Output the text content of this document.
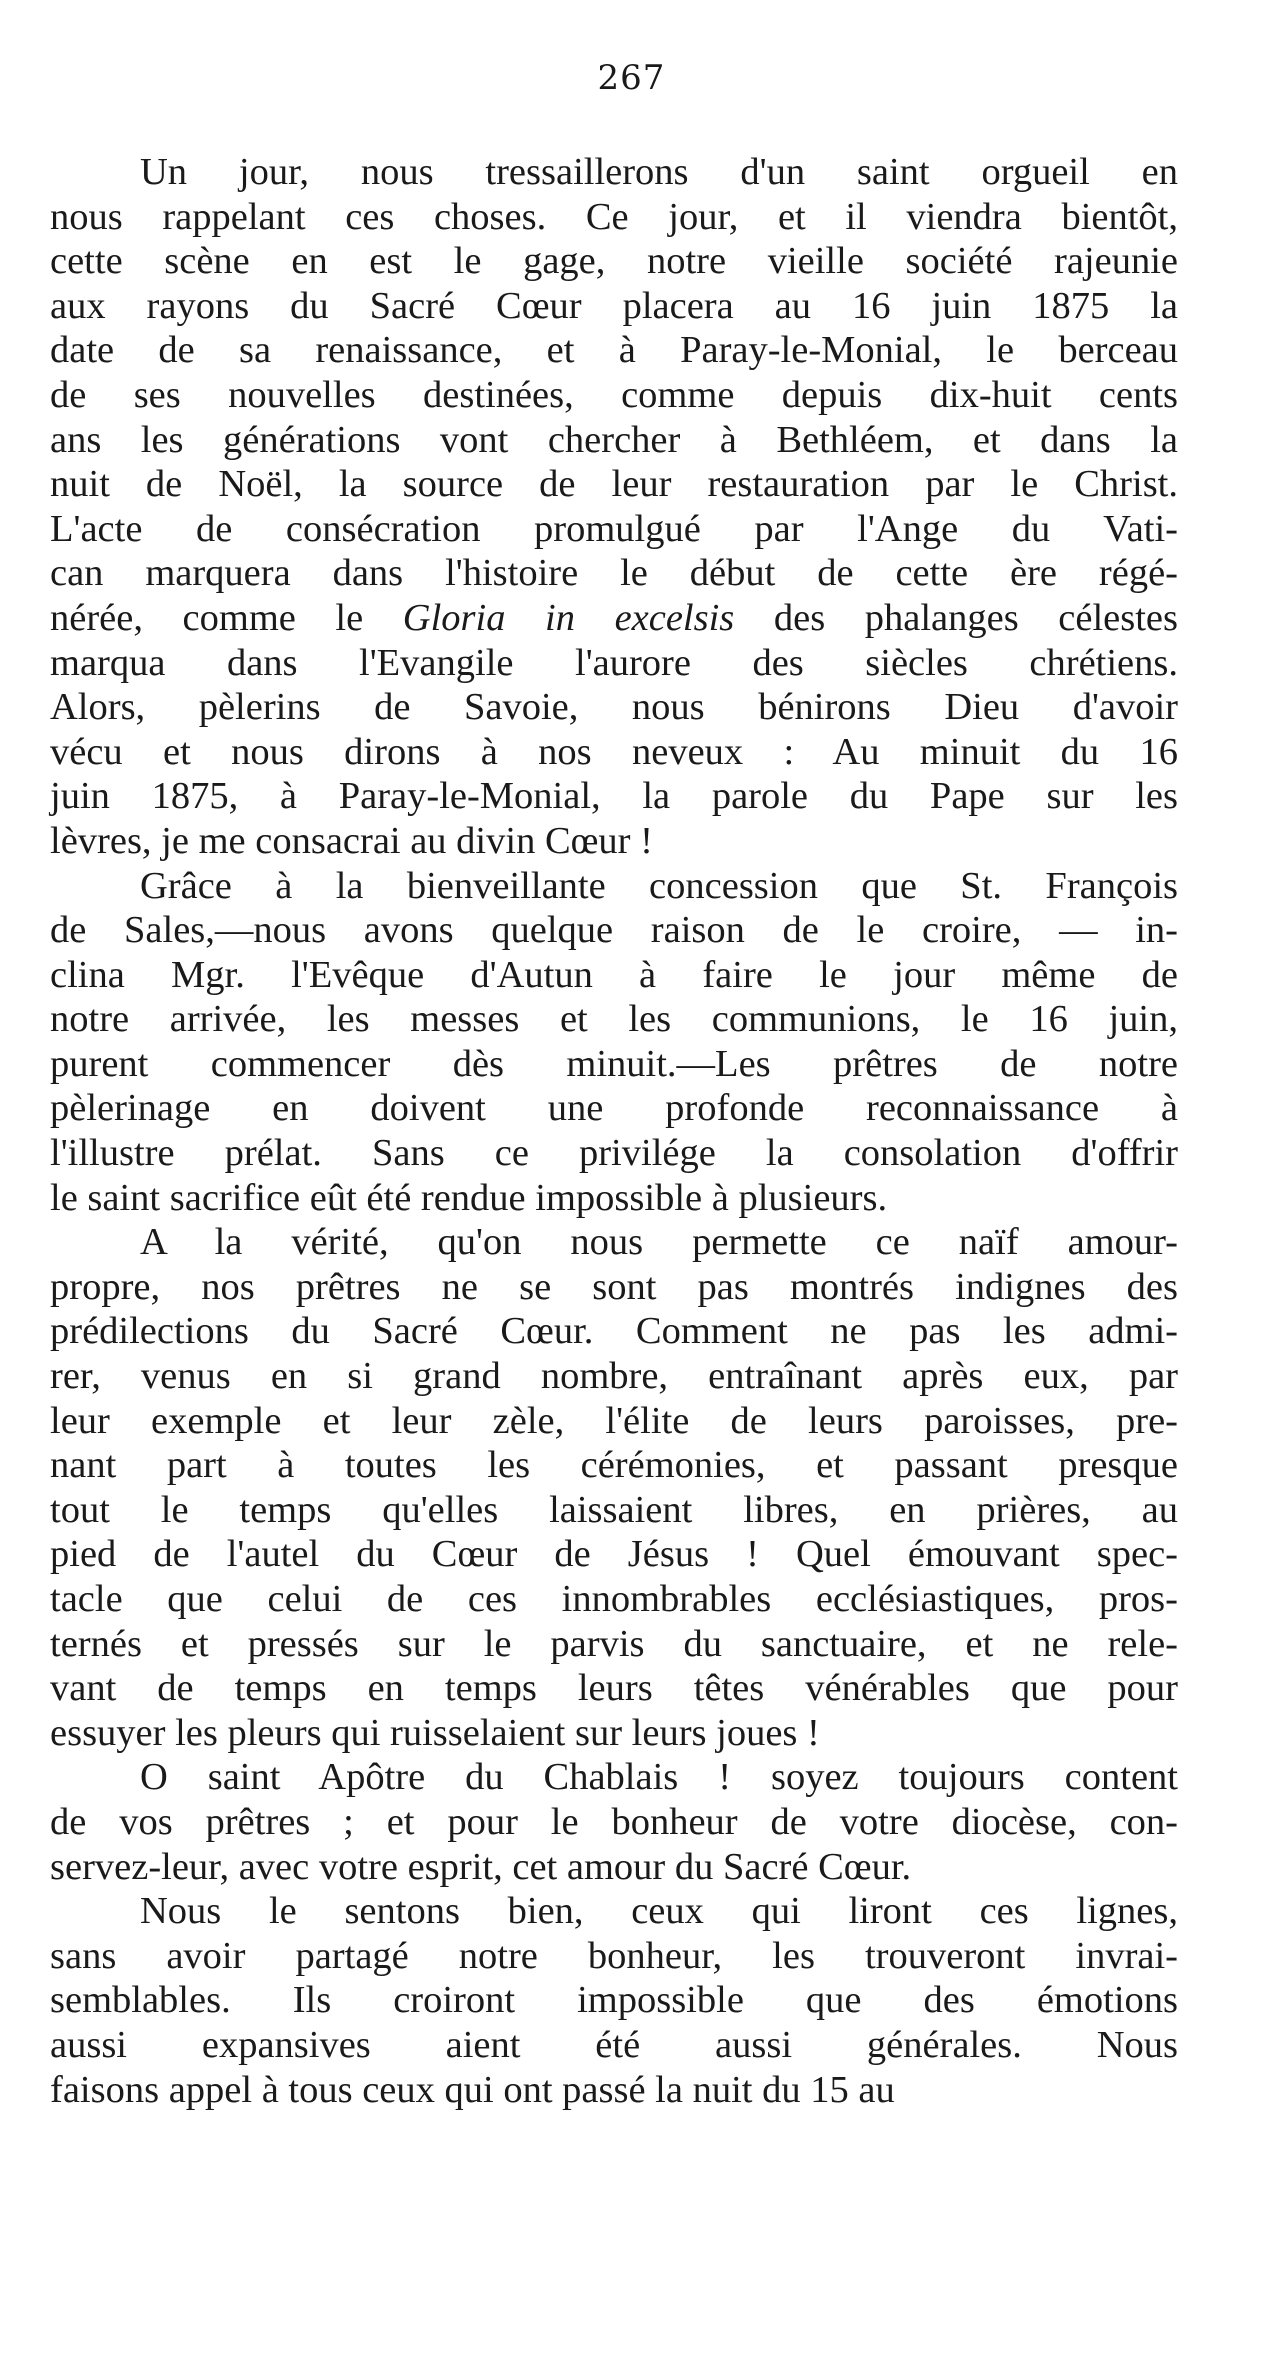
267
Un jour, nous tressaillerons d'un saint orgueil en
nous rappelant ces choses. Ce jour, et il viendra bientôt,
cette scène en est le gage, notre vieille société rajeunie
aux rayons du Sacré Cœur placera au 16 juin 1875 la
date de sa renaissance, et à Paray-le-Monial, le berceau
de ses nouvelles destinées, comme depuis dix-huit cents
ans les générations vont chercher à Bethléem, et dans la
nuit de Noël, la source de leur restauration par le Christ.
L'acte de consécration promulgué par l'Ange du Vati-
can marquera dans l'histoire le début de cette ère régé-
nérée, comme le Gloria in excelsis des phalanges célestes
marqua dans l'Evangile l'aurore des siècles chrétiens.
Alors, pèlerins de Savoie, nous bénirons Dieu d'avoir
vécu et nous dirons à nos neveux : Au minuit du 16
juin 1875, à Paray-le-Monial, la parole du Pape sur les
lèvres, je me consacrai au divin Cœur !
Grâce à la bienveillante concession que St. François
de Sales,—nous avons quelque raison de le croire, — in-
clina Mgr. l'Evêque d'Autun à faire le jour même de
notre arrivée, les messes et les communions, le 16 juin,
purent commencer dès minuit.—Les prêtres de notre
pèlerinage en doivent une profonde reconnaissance à
l'illustre prélat. Sans ce privilége la consolation d'offrir
le saint sacrifice eût été rendue impossible à plusieurs.
A la vérité, qu'on nous permette ce naïf amour-
propre, nos prêtres ne se sont pas montrés indignes des
prédilections du Sacré Cœur. Comment ne pas les admi-
rer, venus en si grand nombre, entraînant après eux, par
leur exemple et leur zèle, l'élite de leurs paroisses, pre-
nant part à toutes les cérémonies, et passant presque
tout le temps qu'elles laissaient libres, en prières, au
pied de l'autel du Cœur de Jésus ! Quel émouvant spec-
tacle que celui de ces innombrables ecclésiastiques, pros-
ternés et pressés sur le parvis du sanctuaire, et ne rele-
vant de temps en temps leurs têtes vénérables que pour
essuyer les pleurs qui ruisselaient sur leurs joues !
O saint Apôtre du Chablais ! soyez toujours content
de vos prêtres ; et pour le bonheur de votre diocèse, con-
servez-leur, avec votre esprit, cet amour du Sacré Cœur.
Nous le sentons bien, ceux qui liront ces lignes,
sans avoir partagé notre bonheur, les trouveront invrai-
semblables. Ils croiront impossible que des émotions
aussi expansives aient été aussi générales. Nous
faisons appel à tous ceux qui ont passé la nuit du 15 au
